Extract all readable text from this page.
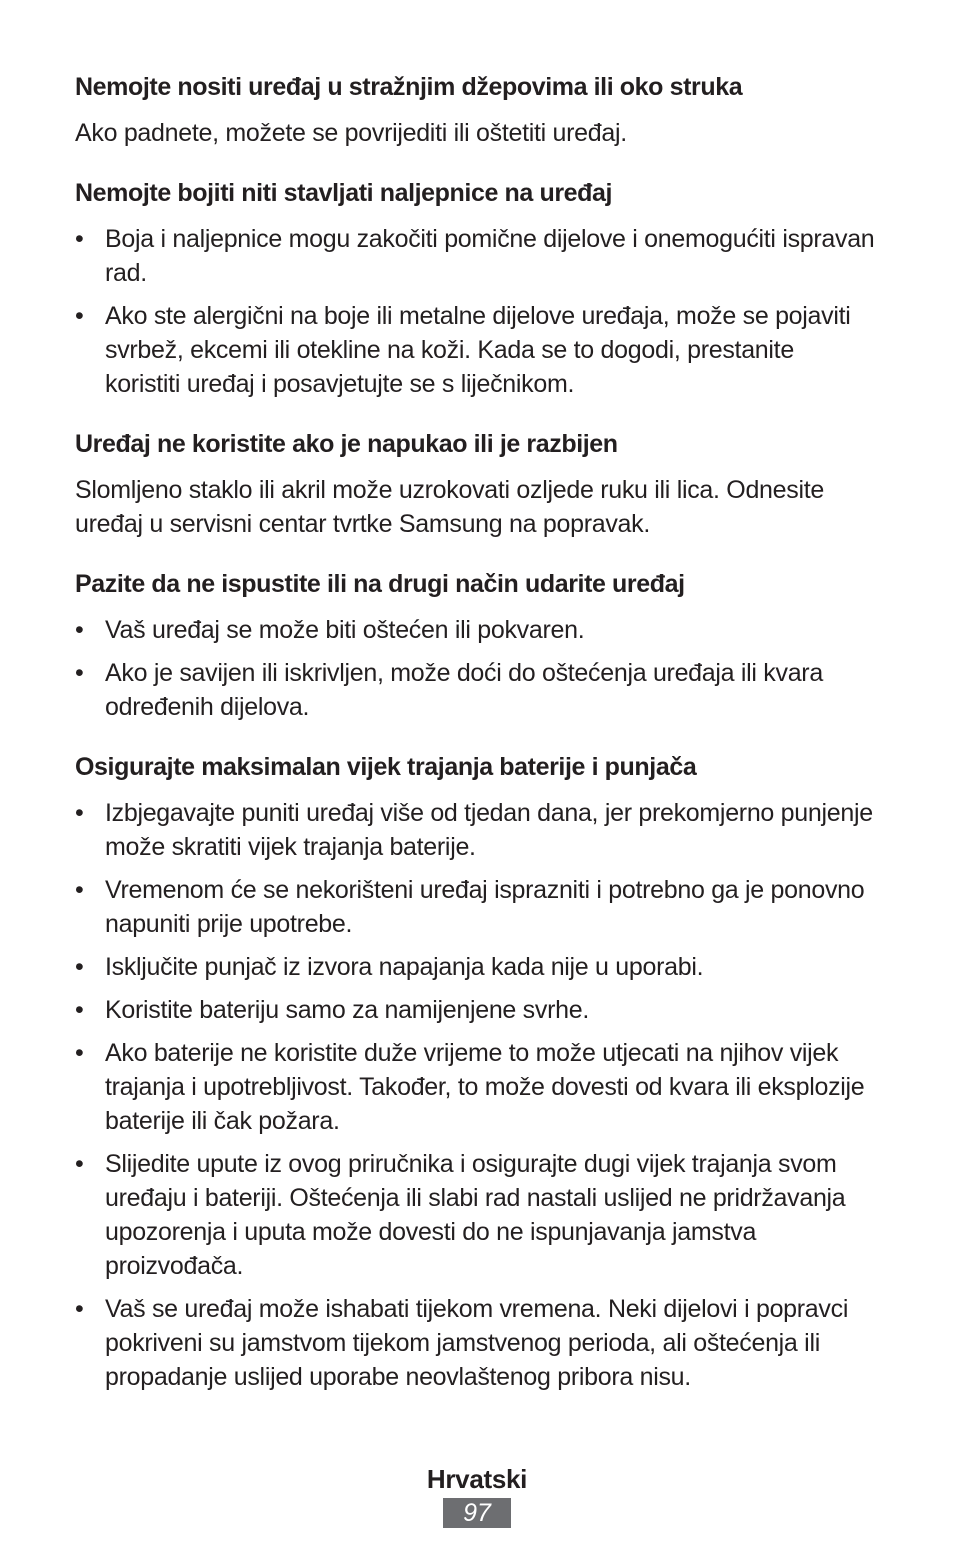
Nemojte nositi uređaj u stražnjim džepovima ili oko struka

Ako padnete, možete se povrijediti ili oštetiti uređaj.

Nemojte bojiti niti stavljati naljepnice na uređaj
• Boja i naljepnice mogu zakočiti pomične dijelove i onemogućiti ispravan rad.
• Ako ste alergični na boje ili metalne dijelove uređaja, može se pojaviti svrbež, ekcemi ili otekline na koži. Kada se to dogodi, prestanite koristiti uređaj i posavjetujte se s liječnikom.
Uređaj ne koristite ako je napukao ili je razbijen

Slomljeno staklo ili akril može uzrokovati ozljede ruku ili lica. Odnesite uređaj u servisni centar tvrtke Samsung na popravak.

Pazite da ne ispustite ili na drugi način udarite uređaj
• Vaš uređaj se može biti oštećen ili pokvaren.
• Ako je savijen ili iskrivljen, može doći do oštećenja uređaja ili kvara određenih dijelova.
Osigurajte maksimalan vijek trajanja baterije i punjača
• Izbjegavajte puniti uređaj više od tjedan dana, jer prekomjerno punjenje može skratiti vijek trajanja baterije.
• Vremenom će se nekorišteni uređaj isprazniti i potrebno ga je ponovno napuniti prije upotrebe.
• Isključite punjač iz izvora napajanja kada nije u uporabi.
• Koristite bateriju samo za namijenjene svrhe.
• Ako baterije ne koristite duže vrijeme to može utjecati na njihov vijek trajanja i upotrebljivost. Također, to može dovesti od kvara ili eksplozije baterije ili čak požara.
• Slijedite upute iz ovog priručnika i osigurajte dugi vijek trajanja svom uređaju i bateriji. Oštećenja ili slabi rad nastali uslijed ne pridržavanja upozorenja i uputa može dovesti do ne ispunjavanja jamstva proizvođača.
• Vaš se uređaj može ishabati tijekom vremena. Neki dijelovi i popravci pokriveni su jamstvom tijekom jamstvenog perioda, ali oštećenja ili propadanje uslijed uporabe neovlaštenog pribora nisu.
Hrvatski
97
